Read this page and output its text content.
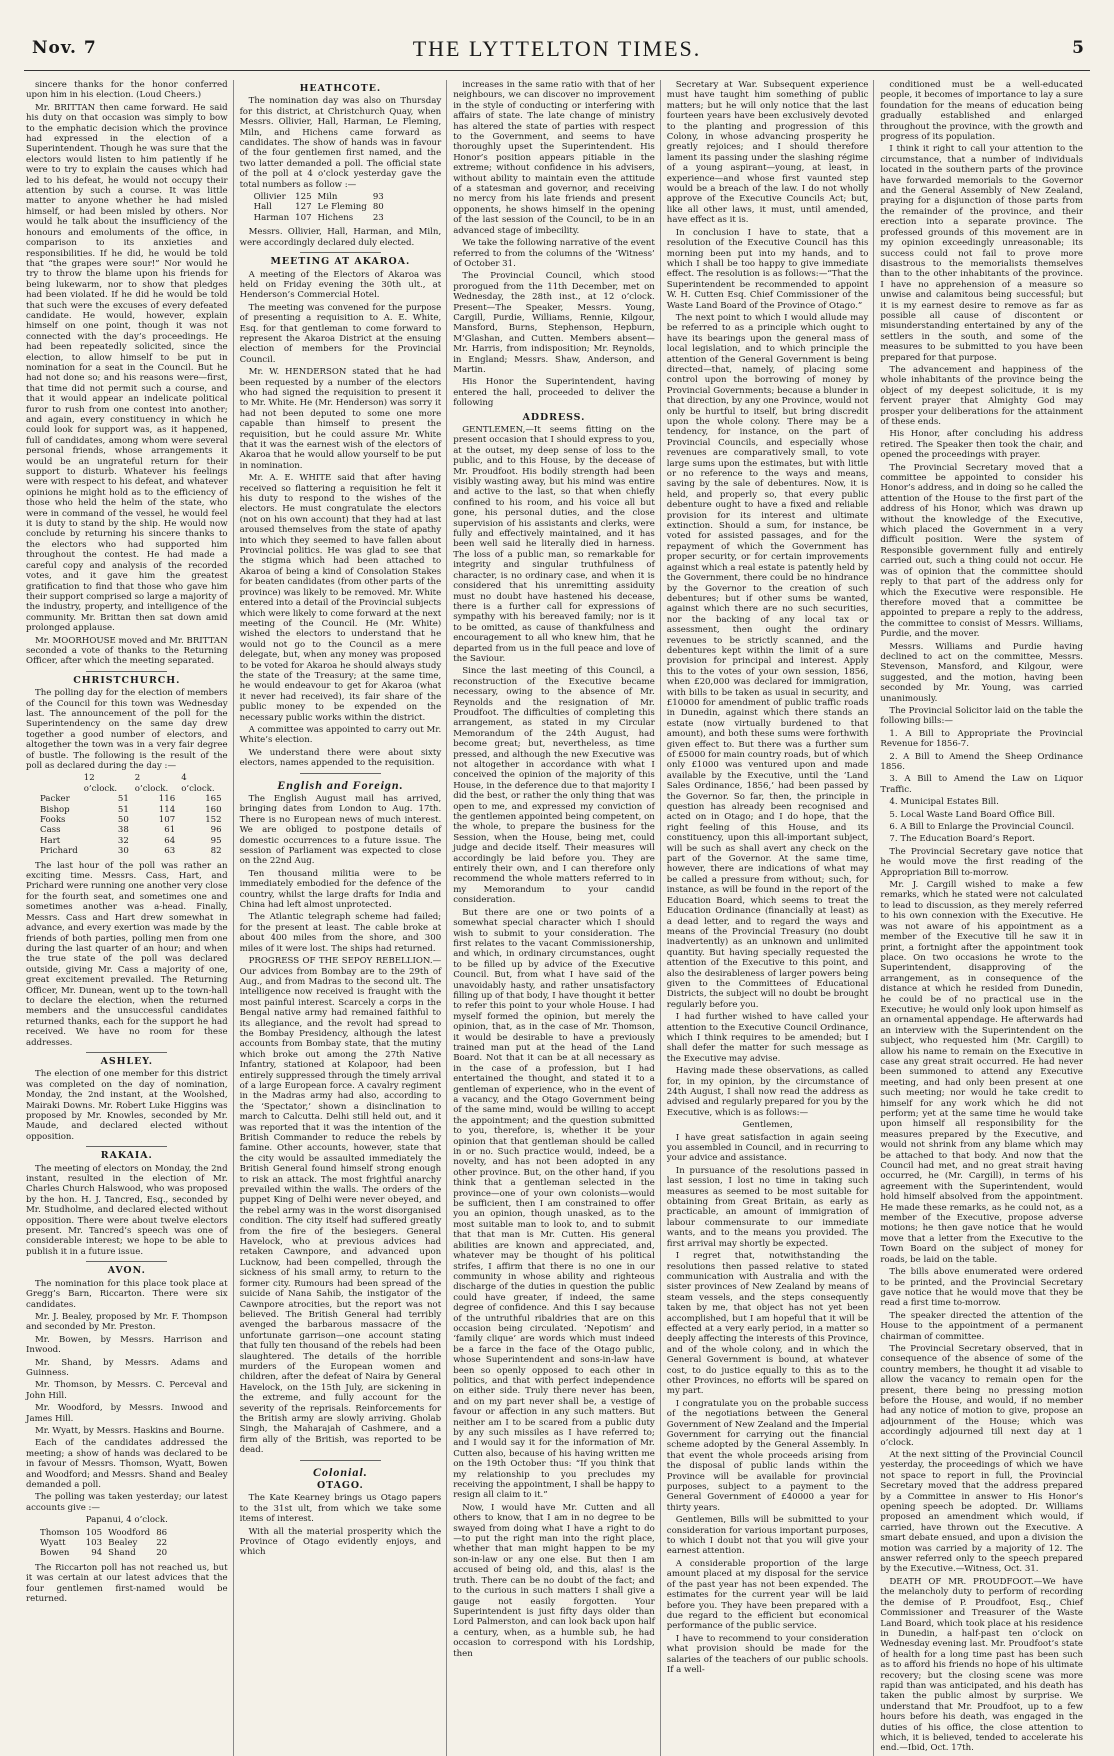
Nov. 7	THE LYTTELTON TIMES.	5

sincere thanks for the honor conferred upon him in his election. (Loud Cheers.)

Mr. BRITTAN then came forward. He said his duty on that occasion was simply to bow to the emphatic decision which the province had expressed in the election of a Superintendent. Though he was sure that the electors would listen to him patiently if he were to try to explain the causes which had led to his defeat, he would not occupy their attention by such a course. It was little matter to anyone whether he had misled himself, or had been misled by others. Nor would he talk about the insufficiency of the honours and emoluments of the office, in comparison to its anxieties and responsibilities. If he did, he would be told that “the grapes were sour!” Nor would he try to throw the blame upon his friends for being lukewarm, nor to show that pledges had been violated. If he did he would be told that such were the excuses of every defeated candidate. He would, however, explain himself on one point, though it was not connected with the day’s proceedings. He had been repeatedly solicited, since the election, to allow himself to be put in nomination for a seat in the Council. But he had not done so; and his reasons were—first, that time did not permit such a course, and that it would appear an indelicate political furor to rush from one contest into another; and again, every constituency in which he could look for support was, as it happened, full of candidates, among whom were several personal friends, whose arrangements it would be an ungrateful return for their support to disturb. Whatever his feelings were with respect to his defeat, and whatever opinions he might hold as to the efficiency of those who held the helm of the state, who were in command of the vessel, he would feel it is duty to stand by the ship. He would now conclude by returning his sincere thanks to the electors who had supported him throughout the contest. He had made a careful copy and analysis of the recorded votes, and it gave him the greatest gratification to find that those who gave him their support comprised so large a majority of the industry, property, and intelligence of the community. Mr. Brittan then sat down amid prolonged applause.

Mr. MOORHOUSE moved and Mr. BRITTAN seconded a vote of thanks to the Returning Officer, after which the meeting separated.

CHRISTCHURCH.

The polling day for the election of members of the Council for this town was Wednesday last. The announcement of the poll for the Superintendency on the same day drew together a good number of electors, and altogether the town was in a very fair degree of bustle. The following is the result of the poll as declared during the day :—

	12 o’clock.	2 o’clock.	4 o’clock.
Packer	51	116	165
Bishop	51	114	160
Fooks	50	107	152
Cass	38	61	96
Hart	32	64	95
Prichard	30	63	82

The last hour of the poll was rather an exciting time. Messrs. Cass, Hart, and Prichard were running one another very close for the fourth seat, and sometimes one and sometimes another was a-head. Finally, Messrs. Cass and Hart drew somewhat in advance, and every exertion was made by the friends of both parties, polling men from one during the last quarter of an hour; and when the true state of the poll was declared outside, giving Mr. Cass a majority of one, great excitement prevailed. The Returning Officer, Mr. Dunean, went up to the town-hall to declare the election, when the returned members and the unsuccessful candidates returned thanks, each for the support he had received. We have no room for these addresses.

ASHLEY.

The election of one member for this district was completed on the day of nomination, Monday, the 2nd instant, at the Woolshed, Mairaki Downs. Mr. Robert Luke Higgins was proposed by Mr. Knowles, seconded by Mr. Maude, and declared elected without opposition.

RAKAIA.

The meeting of electors on Monday, the 2nd instant, resulted in the election of Mr. Charles Church Halswood, who was proposed by the hon. H. J. Tancred, Esq., seconded by Mr. Studholme, and declared elected without opposition. There were about twelve electors present. Mr. Tancred’s speech was one of considerable interest; we hope to be able to publish it in a future issue.

AVON.

The nomination for this place took place at Gregg’s Barn, Riccarton. There were six candidates.

Mr. J. Bealey, proposed by Mr. F. Thompson and seconded by Mr. Preston.

Mr. Bowen, by Messrs. Harrison and Inwood.

Mr. Shand, by Messrs. Adams and Guinness.

Mr. Thomson, by Messrs. C. Perceval and John Hill.

Mr. Woodford, by Messrs. Inwood and James Hill.

Mr. Wyatt, by Messrs. Haskins and Bourne.

Each of the candidates addressed the meeting; a show of hands was declared to be in favour of Messrs. Thomson, Wyatt, Bowen and Woodford; and Messrs. Shand and Bealey demanded a poll.

The polling was taken yesterday; our latest accounts give :—

Papanui, 4 o’clock.

Thomson	105	Woodford	86
Wyatt	103	Bealey	22
Bowen	94	Shand	20

The Riccarton poll has not reached us, but it was certain at our latest advices that the four gentlemen first-named would be returned.

HEATHCOTE.

The nomination day was also on Thursday for this district, at Christchurch Quay, when Messrs. Ollivier, Hall, Harman, Le Fleming, Miln, and Hichens came forward as candidates. The show of hands was in favour of the four gentlemen first named, and the two latter demanded a poll. The official state of the poll at 4 o’clock yesterday gave the total numbers as follow :—

Ollivier	125	Miln	93
Hall	127	Le Fleming	80
Harman	107	Hichens	23

Messrs. Ollivier, Hall, Harman, and Miln, were accordingly declared duly elected.

MEETING AT AKAROA.

A meeting of the Electors of Akaroa was held on Friday evening the 30th ult., at Henderson’s Commercial Hotel.

The meeting was convened for the purpose of presenting a requisition to A. E. White, Esq. for that gentleman to come forward to represent the Akaroa District at the ensuing election of members for the Provincial Council.

Mr. W. HENDERSON stated that he had been requested by a number of the electors who had signed the requisition to present it to Mr. White. He (Mr. Henderson) was sorry it had not been deputed to some one more capable than himself to present the requisition, but he could assure Mr. White that it was the earnest wish of the electors of Akaroa that he would allow yourself to be put in nomination.

Mr. A. E. WHITE said that after having received so flattering a requisition he felt it his duty to respond to the wishes of the electors. He must congratulate the electors (not on his own account) that they had at last aroused themselves from the state of apathy into which they seemed to have fallen about Provincial politics. He was glad to see that the stigma which had been attached to Akaroa of being a kind of Consolation Stakes for beaten candidates (from other parts of the province) was likely to be removed. Mr. White entered into a detail of the Provincial subjects which were likely to come forward at the next meeting of the Council. He (Mr. White) wished the electors to understand that he would not go to the Council as a mere delegate, but, when any money was proposed to be voted for Akaroa he should always study the state of the Treasury; at the same time, he would endeavour to get for Akaroa (what it never had received), its fair share of the public money to be expended on the necessary public works within the district.

A committee was appointed to carry out Mr. White’s election.

We understand there were about sixty electors, names appended to the requisition.

English and Foreign.

The English August mail has arrived, bringing dates from London to Aug. 17th. There is no European news of much interest. We are obliged to postpone details of domestic occurrences to a future issue. The session of Parliament was expected to close on the 22nd Aug.

Ten thousand militia were to be immediately embodied for the defence of the country, whilst the large drafts for India and China had left almost unprotected.

The Atlantic telegraph scheme had failed; for the present at least. The cable broke at about 400 miles from the shore, and 300 miles of it were lost. The ships had returned.

PROGRESS OF THE SEPOY REBELLION.—Our advices from Bombay are to the 29th of Aug., and from Madras to the second ult. The intelligence now received is fraught with the most painful interest. Scarcely a corps in the Bengal native army had remained faithful to its allegiance, and the revolt had spread to the Bombay Presidency, although the latest accounts from Bombay state, that the mutiny which broke out among the 27th Native Infantry, stationed at Kolapoor, had been entirely suppressed through the timely arrival of a large European force. A cavalry regiment in the Madras army had also, according to the ‘Spectator,’ shown a disinclination to march to Calcutta. Delhi still held out, and it was reported that it was the intention of the British Commander to reduce the rebels by famine. Other accounts, however, state that the city would be assaulted immediately the British General found himself strong enough to risk an attack. The most frightful anarchy prevailed within the walls. The orders of the puppet King of Delhi were never obeyed, and the rebel army was in the worst disorganised condition. The city itself had suffered greatly from the fire of the besiegers. General Havelock, who at previous advices had retaken Cawnpore, and advanced upon Lucknow, had been compelled, through the sickness of his small army, to return to the former city. Rumours had been spread of the suicide of Nana Sahib, the instigator of the Cawnpore atrocities, but the report was not believed. The British General had terribly avenged the barbarous massacre of the unfortunate garrison—one account stating that fully ten thousand of the rebels had been slaughtered. The details of the horrible murders of the European women and children, after the defeat of Naira by General Havelock, on the 15th July, are sickening in the extreme, and fully account for the severity of the reprisals. Reinforcements for the British army are slowly arriving. Gholab Singh, the Maharajah of Cashmere, and a firm ally of the British, was reported to be dead.

Colonial.
OTAGO.

The Kate Kearney brings us Otago papers to the 31st ult, from which we take some items of interest.

With all the material prosperity which the Province of Otago evidently enjoys, and which

increases in the same ratio with that of her neighbours, we can discover no improvement in the style of conducting or interfering with affairs of state. The late change of ministry has altered the state of parties with respect to the Government, and seems to have thoroughly upset the Superintendent. His Honor’s position appears pitiable in the extreme; without confidence in his advisers, without ability to maintain even the attitude of a statesman and governor, and receiving no mercy from his late friends and present opponents, he shows himself in the opening of the last session of the Council, to be in an advanced stage of imbecility.

We take the following narrative of the event referred to from the columns of the ‘Witness’ of October 31.

The Provincial Council, which stood prorogued from the 11th December, met on Wednesday, the 28th inst., at 12 o’clock. Present—The Speaker, Messrs. Young, Cargill, Purdie, Williams, Rennie, Kilgour, Mansford, Burns, Stephenson, Hepburn, M’Glashan, and Cutten. Members absent—Mr. Harris, from indisposition; Mr. Reynolds, in England; Messrs. Shaw, Anderson, and Martin.

His Honor the Superintendent, having entered the hall, proceeded to deliver the following

ADDRESS.

GENTLEMEN,—It seems fitting on the present occasion that I should express to you, at the outset, my deep sense of loss to the public, and to this House, by the decease of Mr. Proudfoot. His bodily strength had been visibly wasting away, but his mind was entire and active to the last, so that when chiefly confined to his room, and his voice all but gone, his personal duties, and the close supervision of his assistants and clerks, were fully and effectively maintained, and it has been well said he literally died in harness. The loss of a public man, so remarkable for integrity and singular truthfulness of character, is no ordinary case, and when it is considered that his unremitting assiduity must no doubt have hastened his decease, there is a further call for expressions of sympathy with his bereaved family; nor is it to be omitted, as cause of thankfulness and encouragement to all who knew him, that he departed from us in the full peace and love of the Saviour.

Since the last meeting of this Council, a reconstruction of the Executive became necessary, owing to the absence of Mr. Reynolds and the resignation of Mr. Proudfoot. The difficulties of completing this arrangement, as stated in my Circular Memorandum of the 24th August, had become great; but, nevertheless, as time pressed, and although the new Executive was not altogether in accordance with what I conceived the opinion of the majority of this House, in the deference due to that majority I did the best, or rather the only thing that was open to me, and expressed my conviction of the gentlemen appointed being competent, on the whole, to prepare the business for the Session, when the House, being met, could judge and decide itself. Their measures will accordingly be laid before you. They are entirely their own, and I can therefore only recommend the whole matters referred to in my Memorandum to your candid consideration.

But there are one or two points of a somewhat special character which I should wish to submit to your consideration. The first relates to the vacant Commissionership, and which, in ordinary circumstances, ought to be filled up by advice of the Executive Council. But, from what I have said of the unavoidably hasty, and rather unsatisfactory filling up of that body, I have thought it better to refer this point to your whole House. I had myself formed the opinion, but merely the opinion, that, as in the case of Mr. Thomson, it would be desirable to have a previously trained man put at the head of the Land Board. Not that it can be at all necessary as in the case of a profession, but I had entertained the thought, and stated it to a gentleman of experience, who in the event of a vacancy, and the Otago Government being of the same mind, would be willing to accept the appointment; and the question submitted to you, therefore, is, whether it be your opinion that that gentleman should be called in or no. Such practice would, indeed, be a novelty, and has not been adopted in any other province. But, on the other hand, if you think that a gentleman selected in the province—one of your own colonists—would be sufficient, then I am constrained to offer you an opinion, though unasked, as to the most suitable man to look to, and to submit that that man is Mr. Cutten. His general abilities are known and appreciated, and, whatever may be thought of his political strifes, I affirm that there is no one in our community in whose ability and righteous discharge of the duties in question the public could have greater, if indeed, the same degree of confidence. And this I say because of the untruthful ribaldries that are on this occasion being circulated. ‘Nepotism’ and ‘family clique’ are words which must indeed be a farce in the face of the Otago public, whose Superintendent and sons-in-law have been so openly opposed to each other in politics, and that with perfect independence on either side. Truly there never has been, and on my part never shall be, a vestige of favour or affection in any such matters. But neither am I to be scared from a public duty by any such missiles as I have referred to; and I would say it for the information of Mr. Cutten also, because of his having written me on the 19th October thus: “If you think that my relationship to you precludes my receiving the appointment, I shall be happy to resign all claim to it.”

Now, I would have Mr. Cutten and all others to know, that I am in no degree to be swayed from doing what I have a right to do—to put the right man into the right place, whether that man might happen to be my son-in-law or any one else. But then I am accused of being old, and this, alas! is the truth. There can be no doubt of the fact; and to the curious in such matters I shall give a gauge not easily forgotten. Your Superintendent is just fifty days older than Lord Palmerston, and can look back upon half a century, when, as a humble sub, he had occasion to correspond with his Lordship, then

Secretary at War. Subsequent experience must have taught him something of public matters; but he will only notice that the last fourteen years have been exclusively devoted to the planting and progression of this Colony, in whose advancing prosperity he greatly rejoices; and I should therefore lament its passing under the slashing régime of a young aspirant—young, at least, in experience—and whose first vaunted step would be a breach of the law. I do not wholly approve of the Executive Councils Act; but, like all other laws, it must, until amended, have effect as it is.

In conclusion I have to state, that a resolution of the Executive Council has this morning been put into my hands, and to which I shall be too happy to give immediate effect. The resolution is as follows:—“That the Superintendent be recommended to appoint W. H. Cutten Esq. Chief Commissioner of the Waste Land Board of the Province of Otago.”

The next point to which I would allude may be referred to as a principle which ought to have its bearings upon the general mass of local legislation, and to which principle the attention of the General Government is being directed—that, namely, of placing some control upon the borrowing of money by Provincial Governments; because a blunder in that direction, by any one Province, would not only be hurtful to itself, but bring discredit upon the whole colony. There may be a tendency, for instance, on the part of Provincial Councils, and especially whose revenues are comparatively small, to vote large sums upon the estimates, but with little or no reference to the ways and means, saving by the sale of debentures. Now, it is held, and properly so, that every public debenture ought to have a fixed and reliable provision for its interest and ultimate extinction. Should a sum, for instance, be voted for assisted passages, and for the repayment of which the Government has proper security, or for certain improvements against which a real estate is patently held by the Government, there could be no hindrance by the Governor to the creation of such debentures; but if other sums be wanted, against which there are no such securities, nor the backing of any local tax or assessment, then ought the ordinary revenues to be strictly scanned, and the debentures kept within the limit of a sure provision for principal and interest. Apply this to the votes of your own session, 1856, when £20,000 was declared for immigration, with bills to be taken as usual in security, and £10000 for amendment of public traffic roads in Dunedin, against which there stands an estate (now virtually burdened to that amount), and both these sums were forthwith given effect to. But there was a further sum of £5000 for main country roads, but of which only £1000 was ventured upon and made available by the Executive, until the ‘Land Sales Ordinance, 1856,’ had been passed by the Governor. So far, then, the principle in question has already been recognised and acted on in Otago; and I do hope, that the right feeling of this House, and its constituency, upon this all-important subject, will be such as shall avert any check on the part of the Governor. At the same time, however, there are indications of what may be called a pressure from without; such, for instance, as will be found in the report of the Education Board, which seems to treat the Education Ordinance (financially at least) as a dead letter, and to regard the ways and means of the Provincial Treasury (no doubt inadvertently) as an unknown and unlimited quantity. But having specially requested the attention of the Executive to this point, and also the desirableness of larger powers being given to the Committees of Educational Districts, the subject will no doubt be brought regularly before you.

I had further wished to have called your attention to the Executive Council Ordinance, which I think requires to be amended; but I shall defer the matter for such message as the Executive may advise.

Having made these observations, as called for, in my opinion, by the circumstance of 24th August, I shall now read the address as advised and regularly prepared for you by the Executive, which is as follows:—

Gentlemen,

I have great satisfaction in again seeing you assembled in Council, and in recurring to your advice and assistance.

In pursuance of the resolutions passed in last session, I lost no time in taking such measures as seemed to be most suitable for obtaining from Great Britain, as early as practicable, an amount of immigration of labour commensurate to our immediate wants, and to the means you provided. The first arrival may shortly be expected.

I regret that, notwithstanding the resolutions then passed relative to stated communication with Australia and with the sister provinces of New Zealand by means of steam vessels, and the steps consequently taken by me, that object has not yet been accomplished, but I am hopeful that it will be effected at a very early period, in a matter so deeply affecting the interests of this Province, and of the whole colony, and in which the General Government is bound, at whatever cost, to do justice equally to this as to the other Provinces, no efforts will be spared on my part.

I congratulate you on the probable success of the negotiations between the General Government of New Zealand and the Imperial Government for carrying out the financial scheme adopted by the General Assembly. In that event the whole proceeds arising from the disposal of public lands within the Province will be available for provincial purposes, subject to a payment to the General Government of £40000 a year for thirty years.

Gentlemen, Bills will be submitted to your consideration for various important purposes, to which I doubt not that you will give your earnest attention.

A considerable proportion of the large amount placed at my disposal for the service of the past year has not been expended. The estimates for the current year will be laid before you. They have been prepared with a due regard to the efficient but economical performance of the public service.

I have to recommend to your consideration what provision should be made for the salaries of the teachers of our public schools. If a well-

conditioned must be a well-educated people, it becomes of importance to lay a sure foundation for the means of education being gradually established and enlarged throughout the province, with the growth and progress of its population.

I think it right to call your attention to the circumstance, that a number of individuals located in the southern parts of the province have forwarded memorials to the Governor and the General Assembly of New Zealand, praying for a disjunction of those parts from the remainder of the province, and their erection into a separate province. The professed grounds of this movement are in my opinion exceedingly unreasonable; its success could not fail to prove more disastrous to the memorialists themselves than to the other inhabitants of the province. I have no apprehension of a measure so unwise and calamitous being successful; but it is my earnest desire to remove as far as possible all cause of discontent or misunderstanding entertained by any of the settlers in the south, and some of the measures to be submitted to you have been prepared for that purpose.

The advancement and happiness of the whole inhabitants of the province being the object of my deepest solicitude, it is my fervent prayer that Almighty God may prosper your deliberations for the attainment of these ends.

His Honor, after concluding his address retired. The Speaker then took the chair, and opened the proceedings with prayer.

The Provincial Secretary moved that a committee be appointed to consider his Honor’s address, and in doing so he called the attention of the House to the first part of the address of his Honor, which was drawn up without the knowledge of the Executive, which placed the Government in a very difficult position. Were the system of Responsible government fully and entirely carried out, such a thing could not occur. He was of opinion that the committee should reply to that part of the address only for which the Executive were responsible. He therefore moved that a committee be appointed to prepare a reply to the address, the committee to consist of Messrs. Williams, Purdie, and the mover.

Messrs. Williams and Purdie having declined to act on the committee, Messrs. Stevenson, Mansford, and Kilgour, were suggested, and the motion, having been seconded by Mr. Young, was carried unanimously.

The Provincial Solicitor laid on the table the following bills:—

1. A Bill to Appropriate the Provincial Revenue for 1856-7.

2. A Bill to Amend the Sheep Ordinance 1856.

3. A Bill to Amend the Law on Liquor Traffic.

4. Municipal Estates Bill.

5. Local Waste Land Board Office Bill.

6. A Bill to Enlarge the Provincial Council.

7. The Education Board’s Report.

The Provincial Secretary gave notice that he would move the first reading of the Appropriation Bill to-morrow.

Mr. J. Cargill wished to make a few remarks, which he stated were not calculated to lead to discussion, as they merely referred to his own connexion with the Executive. He was not aware of his appointment as a member of the Executive till he saw it in print, a fortnight after the appointment took place. On two occasions he wrote to the Superintendent, disapproving of the arrangement, as in consequence of the distance at which he resided from Dunedin, he could be of no practical use in the Executive; he would only look upon himself as an ornamental appendage. He afterwards had an interview with the Superintendent on the subject, who requested him (Mr. Cargill) to allow his name to remain on the Executive in case any great strait occurred. He had never been summoned to attend any Executive meeting, and had only been present at one such meeting; nor would he take credit to himself for any work which he did not perform; yet at the same time he would take upon himself all responsibility for the measures prepared by the Executive, and would not shrink from any blame which may be attached to that body. And now that the Council had met, and no great strait having occurred, he (Mr. Cargill), in terms of his agreement with the Superintendent, would hold himself absolved from the appointment. He made these remarks, as he could not, as a member of the Executive, propose adverse motions; he then gave notice that he would move that a letter from the Executive to the Town Board on the subject of money for roads, be laid on the table.

The bills above enumerated were ordered to be printed, and the Provincial Secretary gave notice that he would move that they be read a first time to-morrow.

The speaker directed the attention of the House to the appointment of a permanent chairman of committee.

The Provincial Secretary observed, that in consequence of the absence of some of the country members, he thought it ad visable to allow the vacancy to remain open for the present, there being no pressing motion before the House, and would, if no member had any notice of motion to give, propose an adjournment of the House; which was accordingly adjourned till next day at 1 o’clock.

At the next sitting of the Provincial Council yesterday, the proceedings of which we have not space to report in full, the Provincial Secretary moved that the address prepared by a Committee in answer to His Honor’s opening speech be adopted. Dr. Williams proposed an amendment which would, if carried, have thrown out the Executive. A smart debate ensued, and upon a division the motion was carried by a majority of 12. The answer referred only to the speech prepared by the Executive.—Witness, Oct. 31.

DEATH OF MR. PROUDFOOT.—We have the melancholy duty to perform of recording the demise of P. Proudfoot, Esq., Chief Commissioner and Treasurer of the Waste Land Board, which took place at his residence in Dunedin, a half-past ten o’clock on Wednesday evening last. Mr. Proudfoot’s state of health for a long time past has been such as to afford his friends no hope of his ultimate recovery; but the closing scene was more rapid than was anticipated, and his death has taken the public almost by surprise. We understand that Mr. Proudfoot, up to a few hours before his death, was engaged in the duties of his office, the close attention to which, it is believed, tended to accelerate his end.—Ibid, Oct. 17th.
